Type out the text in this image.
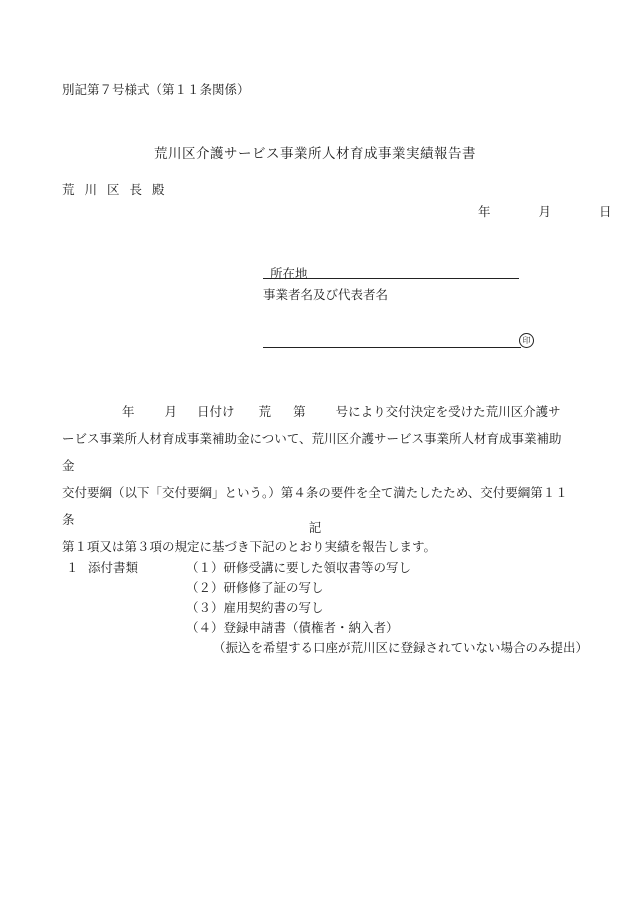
別記第７号様式（第１１条関係）
荒川区介護サービス事業所人材育成事業実績報告書
荒川区長殿
年	月	日
所在地
事業者名及び代表者名
印

年 月 日付け 荒 第 号により交付決定を受けた荒川区介護サ

ービス事業所人材育成事業補助金について、荒川区介護サービス事業所人材育成事業補助金

交付要綱（以下「交付要綱」という。）第４条の要件を全て満たしたため、交付要綱第１１条

第１項又は第３項の規定に基づき下記のとおり実績を報告します。

記
１ 添付書類	（１）研修受講に要した領収書等の写し
（２）研修修了証の写し
（３）雇用契約書の写し
（４）登録申請書（債権者・納入者）
（振込を希望する口座が荒川区に登録されていない場合のみ提出）
